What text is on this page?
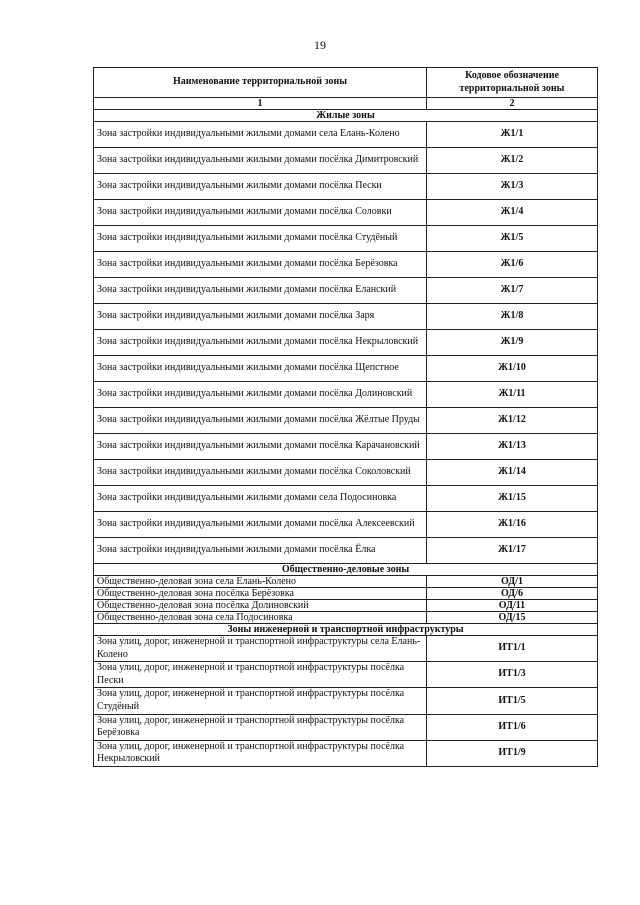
19
Наименование территориальной зоны	Кодовое обозначение территориальной зоны
1	2
Жилые зоны	
Зона застройки индивидуальными жилыми домами села Елань-Колено	Ж1/1
Зона застройки индивидуальными жилыми домами посёлка Димитровский	Ж1/2
Зона застройки индивидуальными жилыми домами посёлка Пески	Ж1/3
Зона застройки индивидуальными жилыми домами посёлка Соловки	Ж1/4
Зона застройки индивидуальными жилыми домами посёлка Студёный	Ж1/5
Зона застройки индивидуальными жилыми домами посёлка Берёзовка	Ж1/6
Зона застройки индивидуальными жилыми домами посёлка Еланский	Ж1/7
Зона застройки индивидуальными жилыми домами посёлка Заря	Ж1/8
Зона застройки индивидуальными жилыми домами посёлка Некрыловский	Ж1/9
Зона застройки индивидуальными жилыми домами посёлка Щепстное	Ж1/10
Зона застройки индивидуальными жилыми домами посёлка Долиновский	Ж1/11
Зона застройки индивидуальными жилыми домами посёлка Жёлтые Пруды	Ж1/12
Зона застройки индивидуальными жилыми домами посёлка Карачановский	Ж1/13
Зона застройки индивидуальными жилыми домами посёлка Соколовский	Ж1/14
Зона застройки индивидуальными жилыми домами села Подосиновка	Ж1/15
Зона застройки индивидуальными жилыми домами посёлка Алексеевский	Ж1/16
Зона застройки индивидуальными жилыми домами посёлка Ёлка	Ж1/17
Общественно-деловые зоны	
Общественно-деловая зона села Елань-Колено	ОД/1
Общественно-деловая зона посёлка Берёзовка	ОД/6
Общественно-деловая зона посёлка Долиновский	ОД/11
Общественно-деловая зона села Подосиновка	ОД/15
Зоны инженерной и транспортной инфраструктуры	
Зона улиц, дорог, инженерной и транспортной инфраструктуры села Елань-Колено	ИТ1/1
Зона улиц, дорог, инженерной и транспортной инфраструктуры посёлка Пески	ИТ1/3
Зона улиц, дорог, инженерной и транспортной инфраструктуры посёлка Студёный	ИТ1/5
Зона улиц, дорог, инженерной и транспортной инфраструктуры посёлка Берёзовка	ИТ1/6
Зона улиц, дорог, инженерной и транспортной инфраструктуры посёлка Некрыловский	ИТ1/9
